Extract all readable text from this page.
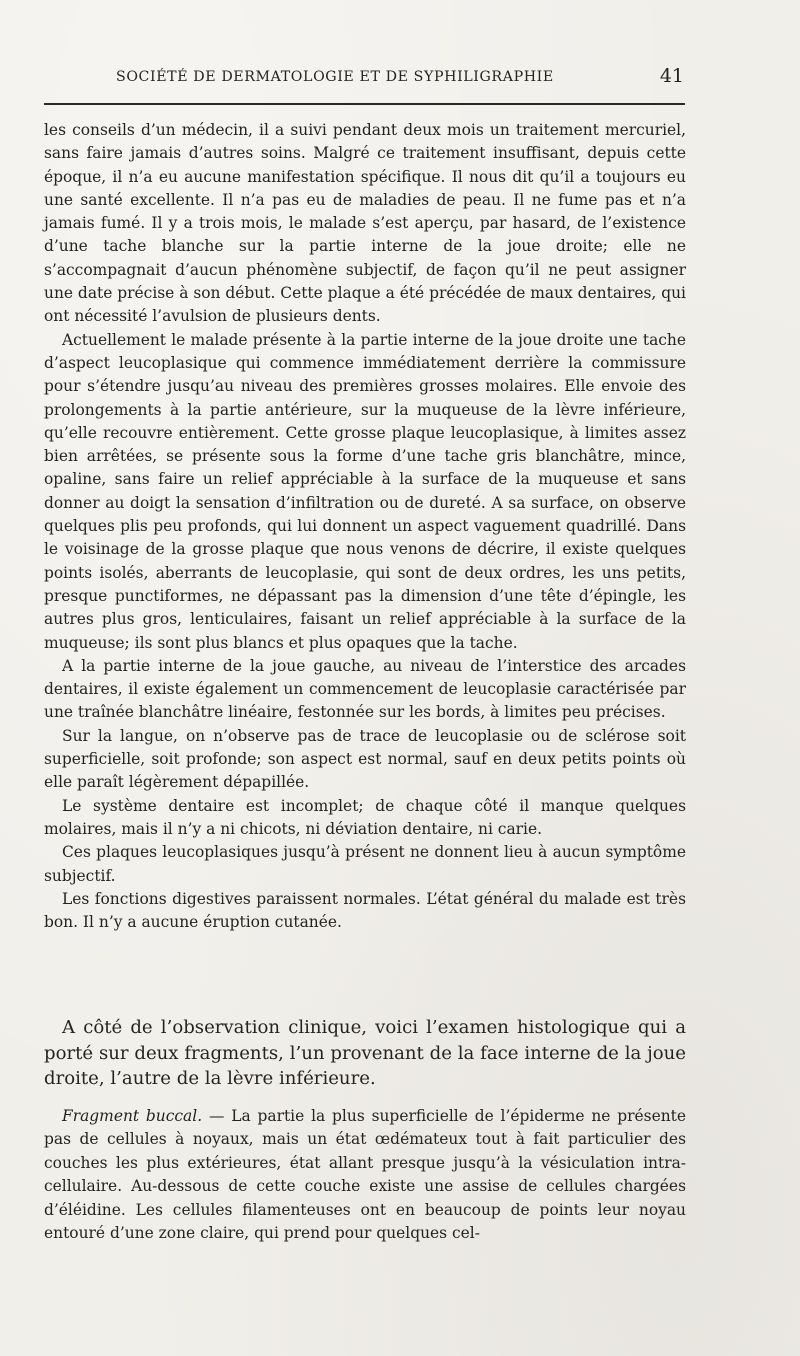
SOCIÉTÉ DE DERMATOLOGIE ET DE SYPHILIGRAPHIE	41

les conseils d’un médecin, il a suivi pendant deux mois un traitement mercuriel, sans faire jamais d’autres soins. Malgré ce traitement insuffisant, depuis cette époque, il n’a eu aucune manifestation spécifique. Il nous dit qu’il a toujours eu une santé excellente. Il n’a pas eu de maladies de peau. Il ne fume pas et n’a jamais fumé. Il y a trois mois, le malade s’est aperçu, par hasard, de l’existence d’une tache blanche sur la partie interne de la joue droite; elle ne s’accompagnait d’aucun phénomène subjectif, de façon qu’il ne peut assigner une date précise à son début. Cette plaque a été précédée de maux dentaires, qui ont nécessité l’avulsion de plusieurs dents.

Actuellement le malade présente à la partie interne de la joue droite une tache d’aspect leucoplasique qui commence immédiatement derrière la commissure pour s’étendre jusqu’au niveau des premières grosses molaires. Elle envoie des prolongements à la partie antérieure, sur la muqueuse de la lèvre inférieure, qu’elle recouvre entièrement. Cette grosse plaque leucoplasique, à limites assez bien arrêtées, se présente sous la forme d’une tache gris blanchâtre, mince, opaline, sans faire un relief appréciable à la surface de la muqueuse et sans donner au doigt la sensation d’infiltration ou de dureté. A sa surface, on observe quelques plis peu profonds, qui lui donnent un aspect vaguement quadrillé. Dans le voisinage de la grosse plaque que nous venons de décrire, il existe quelques points isolés, aberrants de leucoplasie, qui sont de deux ordres, les uns petits, presque punctiformes, ne dépassant pas la dimension d’une tête d’épingle, les autres plus gros, lenticulaires, faisant un relief appréciable à la surface de la muqueuse; ils sont plus blancs et plus opaques que la tache.

A la partie interne de la joue gauche, au niveau de l’interstice des arcades dentaires, il existe également un commencement de leucoplasie caractérisée par une traînée blanchâtre linéaire, festonnée sur les bords, à limites peu précises.

Sur la langue, on n’observe pas de trace de leucoplasie ou de sclérose soit superficielle, soit profonde; son aspect est normal, sauf en deux petits points où elle paraît légèrement dépapillée.

Le système dentaire est incomplet; de chaque côté il manque quelques molaires, mais il n’y a ni chicots, ni déviation dentaire, ni carie.

Ces plaques leucoplasiques jusqu’à présent ne donnent lieu à aucun symptôme subjectif.

Les fonctions digestives paraissent normales. L’état général du malade est très bon. Il n’y a aucune éruption cutanée.

A côté de l’observation clinique, voici l’examen histologique qui a porté sur deux fragments, l’un provenant de la face interne de la joue droite, l’autre de la lèvre inférieure.

Fragment buccal. — La partie la plus superficielle de l’épiderme ne présente pas de cellules à noyaux, mais un état œdémateux tout à fait particulier des couches les plus extérieures, état allant presque jusqu’à la vésiculation intra-cellulaire. Au-dessous de cette couche existe une assise de cellules chargées d’éléidine. Les cellules filamenteuses ont en beaucoup de points leur noyau entouré d’une zone claire, qui prend pour quelques cel-
